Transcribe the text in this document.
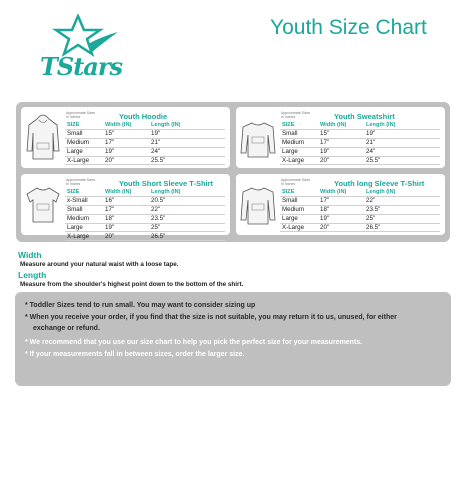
TStars
Youth Size Chart
Approximate Sizes In Inches	Youth Hoodie
SIZE	Width (IN)	Length (IN)
Small	15"	19"
Medium	17"	21"
Large	19"	24"
X-Large	20"	25.5"
Approximate Sizes In Inches	Youth Sweatshirt
SIZE	Width (IN)	Length (IN)
Small	15"	19"
Medium	17"	21"
Large	19"	24"
X-Large	20"	25.5"
Approximate Sizes In Inches	Youth Short Sleeve T-Shirt
SIZE	Width (IN)	Length (IN)
x-Small	16"	20.5"
Small	17"	22"
Medium	18"	23.5"
Large	19"	25"
X-Large	20"	26.5"
Approximate Sizes In Inches	Youth long Sleeve T-Shirt
SIZE	Width (IN)	Length (IN)
Small	17"	22"
Medium	18"	23.5"
Large	19"	25"
X-Large	20"	26.5"
Width
Measure around your natural waist with a loose tape.
Length
Measure from the shoulder's highest point down to the bottom of the shirt.
* Toddler Sizes tend to run small. You may want to consider sizing up
* When you receive your order, if you find that the size is not suitable, you may return it to us, unused, for either
exchange or refund.
* We recommend that you use our size chart to help you pick the perfect size for your measurements.
* If your measurements fall in between sizes, order the larger size.
